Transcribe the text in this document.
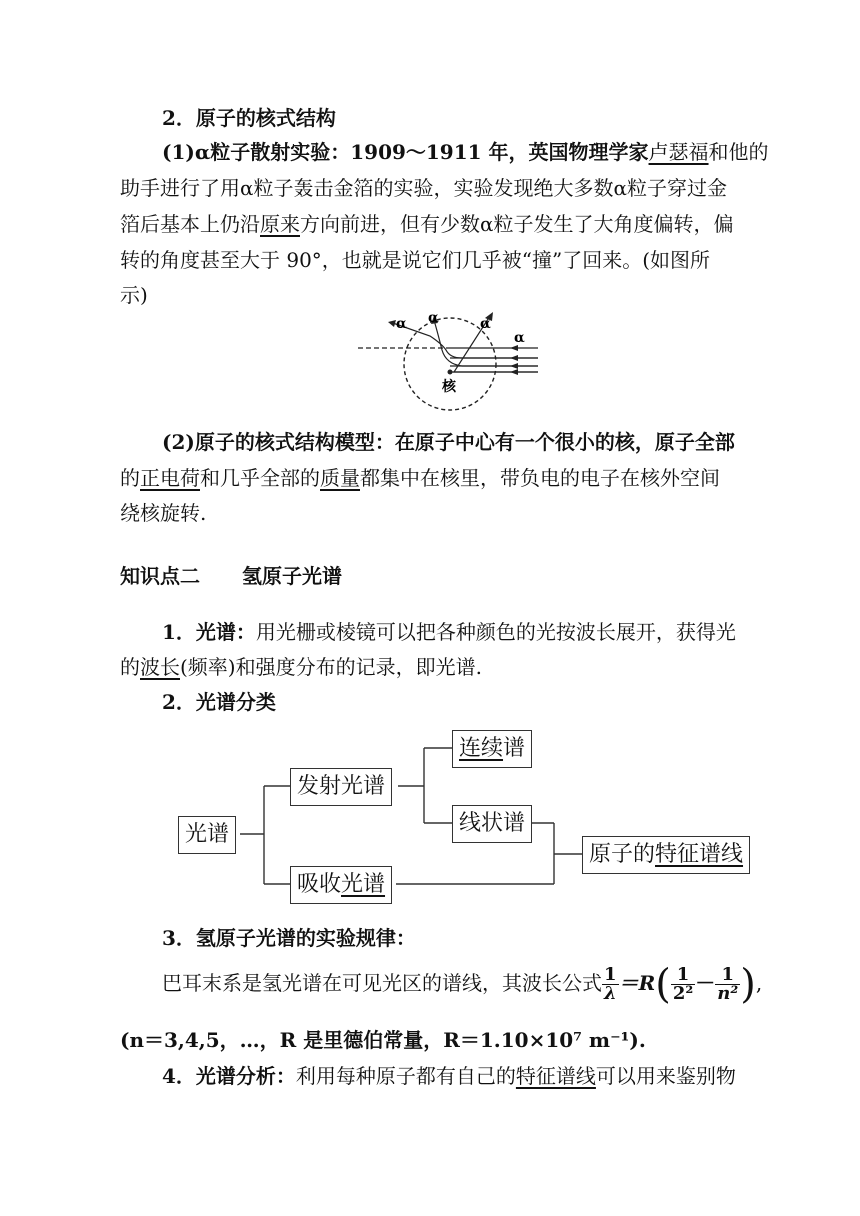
2．原子的核式结构
(1)α粒子散射实验：1909～1911 年，英国物理学家卢瑟福和他的
助手进行了用α粒子轰击金箔的实验，实验发现绝大多数α粒子穿过金
箔后基本上仍沿原来方向前进，但有少数α粒子发生了大角度偏转，偏
转的角度甚至大于 90°，也就是说它们几乎被“撞”了回来。(如图所
示)
α α	α
α
核
(2)原子的核式结构模型：在原子中心有一个很小的核，原子全部
的正电荷和几乎全部的质量都集中在核里，带负电的电子在核外空间
绕核旋转.
知识点二 氢原子光谱
1．光谱：用光栅或棱镜可以把各种颜色的光按波长展开，获得光
的波长(频率)和强度分布的记录，即光谱.
2．光谱分类
光谱
发射光谱
连续谱
线状谱
吸收光谱
原子的特征谱线
3．氢原子光谱的实验规律：
巴耳末系是氢光谱在可见光区的谱线，其波长公式 $\frac{1}{\lambda} =R( \frac{1}{\text{2²}} - \frac{1}{\text{n²}}$ ),
(n＝3,4,5，…，R 是里德伯常量，R＝1.10×10⁷ m⁻¹).
4．光谱分析：利用每种原子都有自己的特征谱线可以用来鉴别物
